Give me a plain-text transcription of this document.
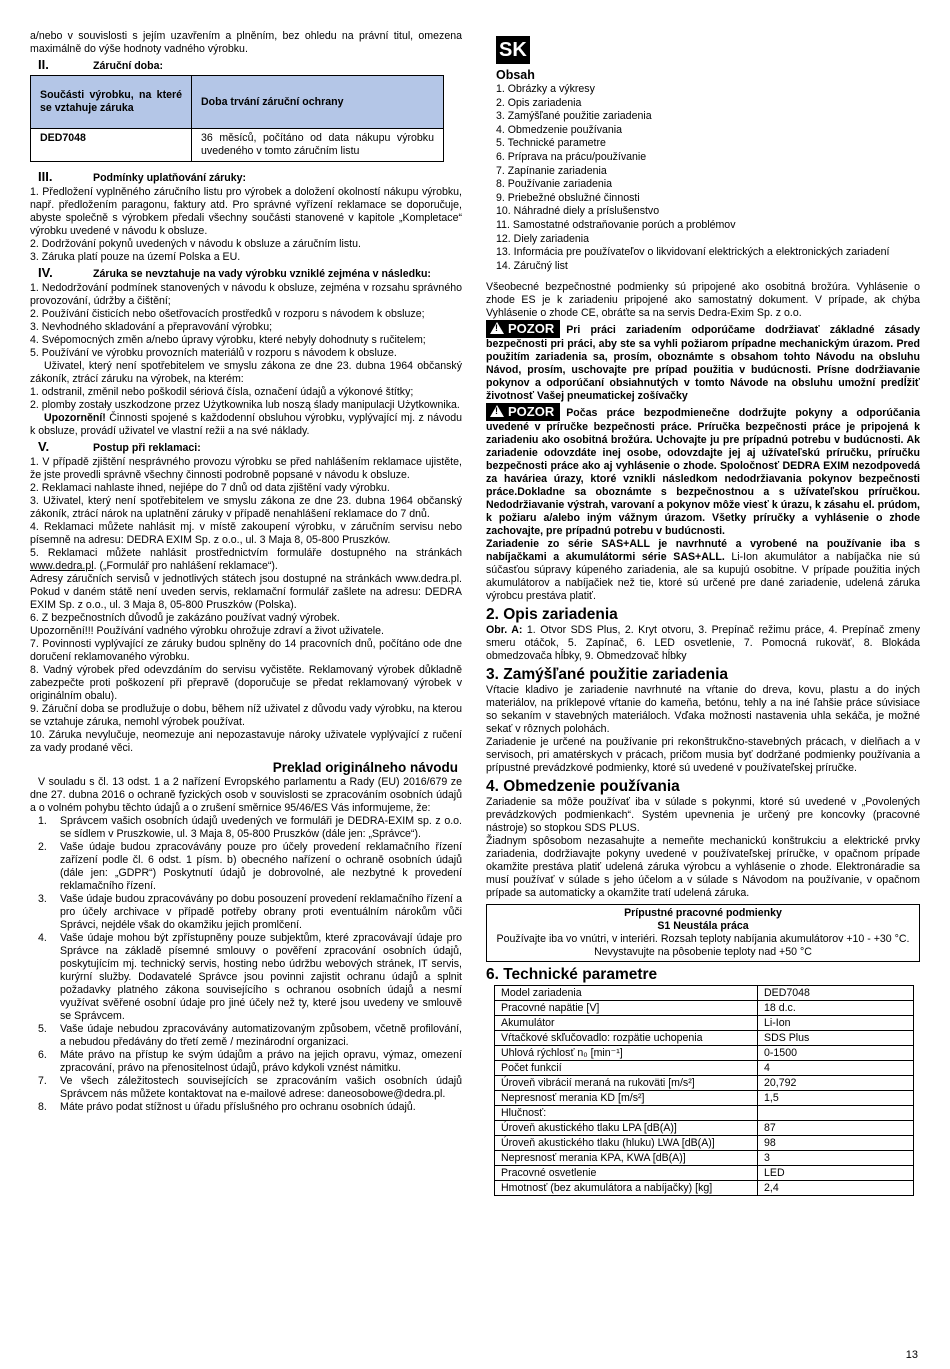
a/nebo v souvislosti s jejím uzavřením a plněním, bez ohledu na právní titul, omezena maximálně do výše hodnoty vadného výrobku.

II.	Záruční doba:
Součásti výrobku, na které se vztahuje záruka	Doba trvání záruční ochrany
DED7048	36 měsíců, počítáno od data nákupu výrobku uvedeného v tomto záručním listu
III.	Podmínky uplatňování záruky:

1. Předložení vyplněného záručního listu pro výrobek a doložení okolností nákupu výrobku, např. předložením paragonu, faktury atd. Pro správné vyřízení reklamace se doporučuje, abyste společně s výrobkem předali všechny součásti stanovené v kapitole „Kompletace“ výrobku uvedené v návodu k obsluze.

2. Dodržování pokynů uvedených v návodu k obsluze a záručním listu.

3. Záruka platí pouze na území Polska a EU.

IV.	Záruka se nevztahuje na vady výrobku vzniklé zejména v následku:

1. Nedodržování podmínek stanovených v návodu k obsluze, zejména v rozsahu správného provozování, údržby a čištění;

2. Používání čisticích nebo ošetřovacích prostředků v rozporu s návodem k obsluze;

3. Nevhodného skladování a přepravování výrobku;

4. Svépomocných změn a/nebo úpravy výrobku, které nebyly dohodnuty s ručitelem;

5. Používání ve výrobku provozních materiálů v rozporu s návodem k obsluze.

Uživatel, který není spotřebitelem ve smyslu zákona ze dne 23. dubna 1964 občanský zákoník, ztrácí záruku na výrobek, na kterém:

1. odstranil, změnil nebo poškodil sériová čísla, označení údajů a výkonové štítky;

2. plomby zostały uszkodzone przez Użytkownika lub noszą ślady manipulacji Użytkownika.

Upozornění! Činnosti spojené s každodenní obsluhou výrobku, vyplývající mj. z návodu k obsluze, provádí uživatel ve vlastní režii a na své náklady.

V.	Postup při reklamaci:

1. V případě zjištění nesprávného provozu výrobku se před nahlášením reklamace ujistěte, že jste provedli správně všechny činnosti podrobně popsané v návodu k obsluze.

2. Reklamaci nahlaste ihned, nejiépe do 7 dnů od data zjištění vady výrobku.

3. Uživatel, který není spotřebitelem ve smyslu zákona ze dne 23. dubna 1964 občanský zákoník, ztrácí nárok na uplatnění záruky v případě nenahlášení reklamace do 7 dnů.

4. Reklamaci můžete nahlásit mj. v místě zakoupení výrobku, v záručním servisu nebo písemně na adresu: DEDRA EXIM Sp. z o.o., ul. 3 Maja 8, 05-800 Pruszków.

5. Reklamaci můžete nahlásit prostřednictvím formuláře dostupného na stránkách www.dedra.pl. („Formulář pro nahlášení reklamace“).

Adresy záručních servisů v jednotlivých státech jsou dostupné na stránkách www.dedra.pl. Pokud v daném státě není uveden servis, reklamační formulář zašlete na adresu: DEDRA EXIM Sp. z o.o., ul. 3 Maja 8, 05-800 Pruszków (Polska).

6. Z bezpečnostních důvodů je zakázáno používat vadný výrobek.

Upozornění!!! Používání vadného výrobku ohrožuje zdraví a život uživatele.

7. Povinnosti vyplývající ze záruky budou splněny do 14 pracovních dnů, počítáno ode dne doručení reklamovaného výrobku.

8. Vadný výrobek před odevzdáním do servisu vyčistěte. Reklamovaný výrobek důkladně zabezpečte proti poškození při přepravě (doporučuje se předat reklamovaný výrobek v originálním obalu).

9. Záruční doba se prodlužuje o dobu, během níž uživatel z důvodu vady výrobku, na kterou se vztahuje záruka, nemohl výrobek používat.

10. Záruka nevylučuje, neomezuje ani nepozastavuje nároky uživatele vyplývající z ručení za vady prodané věci.

Preklad originálneho návodu

V souladu s čl. 13 odst. 1 a 2 nařízení Evropského parlamentu a Rady (EU) 2016/679 ze dne 27. dubna 2016 o ochraně fyzických osob v souvislosti se zpracováním osobních údajů a o volném pohybu těchto údajů a o zrušení směrnice 95/46/ES Vás informujeme, že:

1.	Správcem vašich osobních údajů uvedených ve formuláři je DEDRA-EXIM sp. z o.o. se sídlem v Pruszkowie, ul. 3 Maja 8, 05-800 Pruszków (dále jen: „Správce“).
2.	Vaše údaje budou zpracovávány pouze pro účely provedení reklamačního řízení zařízení podle čl. 6 odst. 1 písm. b) obecného nařízení o ochraně osobních údajů (dále jen: „GDPR“) Poskytnutí údajů je dobrovolné, ale nezbytné k provedení reklamačního řízení.
3.	Vaše údaje budou zpracovávány po dobu posouzení provedení reklamačního řízení a pro účely archivace v případě potřeby obrany proti eventuálním nárokům vůči Správci, nejdéle však do okamžiku jejich promlčení.
4.	Vaše údaje mohou být zpřístupněny pouze subjektům, které zpracovávají údaje pro Správce na základě písemné smlouvy o pověření zpracování osobních údajů, poskytujícím mj. technický servis, hosting nebo údržbu webových stránek, IT servis, kurýrní služby. Dodavatelé Správce jsou povinni zajistit ochranu údajů a splnit požadavky platného zákona souvisejícího s ochranou osobních údajů a nesmí využívat svěřené osobní údaje pro jiné účely než ty, které jsou uvedeny ve smlouvě se Správcem.
5.	Vaše údaje nebudou zpracovávány automatizovaným způsobem, včetně profilování, a nebudou předávány do třetí země / mezinárodní organizaci.
6.	Máte právo na přístup ke svým údajům a právo na jejich opravu, výmaz, omezení zpracování, právo na přenositelnost údajů, právo kdykoli vznést námitku.
7.	Ve všech záležitostech souvisejících se zpracováním vašich osobních údajů Správcem nás můžete kontaktovat na e-mailové adrese: daneosobowe@dedra.pl.
8.	Máte právo podat stížnost u úřadu příslušného pro ochranu osobních údajů.
SK
Obsah
1. Obrázky a výkresy
2. Opis zariadenia
3. Zamýšľané použitie zariadenia
4. Obmedzenie používania
5. Technické parametre
6. Príprava na prácu/používanie
7. Zapínanie zariadenia
8. Používanie zariadenia
9. Priebežné obslužné činnosti
10. Náhradné diely a príslušenstvo
11. Samostatné odstraňovanie porúch a problémov
12. Diely zariadenia
13. Informácia pre používateľov o likvidovaní elektrických a elektronických zariadení
14. Záručný list

Všeobecné bezpečnostné podmienky sú pripojené ako osobitná brožúra. Vyhlásenie o zhode ES je k zariadeniu pripojené ako samostatný dokument. V prípade, ak chýba Vyhlásenie o zhode CE, obráťte sa na servis Dedra-Exim Sp. z o.o.

! POZOR Pri práci zariadením odporúčame dodržiavať základné zásady bezpečnosti pri práci, aby ste sa vyhli požiarom prípadne mechanickým úrazom. Pred použitím zariadenia sa, prosím, oboznámte s obsahom tohto Návodu na obsluhu Návod, prosím, uschovajte pre prípad použitia v budúcnosti. Prísne dodržiavanie pokynov a odporúčaní obsiahnutých v tomto Návode na obsluhu umožní predĺžiť životnosť Vašej pneumatickej zošívačky

! POZOR Počas práce bezpodmienečne dodržujte pokyny a odporúčania uvedené v príručke bezpečnosti práce. Príručka bezpečnosti práce je pripojená k zariadeniu ako osobitná brožúra. Uchovajte ju pre prípadnú potrebu v budúcnosti. Ak zariadenie odovzdáte inej osobe, odovzdajte jej aj užívateľskú príručku, príručku bezpečnosti práce ako aj vyhlásenie o zhode. Spoločnosť DEDRA EXIM nezodpovedá za haváriea úrazy, ktoré vznikli následkom nedodržiavania pokynov bezpečnosti práce.Dokladne sa oboznámte s bezpečnostnou a s užívateľskou príručkou. Nedodržiavanie výstrah, varovaní a pokynov môže viesť k úrazu, k zásahu el. prúdom, k požiaru a/alebo iným vážnym úrazom. Všetky príručky a vyhlásenie o zhode zachovajte, pre prípadnú potrebu v budúcnosti.

Zariadenie zo série SAS+ALL je navrhnuté a vyrobené na používanie iba s nabíjačkami a akumulátormi série SAS+ALL. Li-Ion akumulátor a nabíjačka nie sú súčasťou súpravy kúpeného zariadenia, ale sa kupujú osobitne. V prípade použitia iných akumulátorov a nabíjačiek než tie, ktoré sú určené pre dané zariadenie, udelená záruka výrobcu prestáva platiť.

2. Opis zariadenia

Obr. A: 1. Otvor SDS Plus, 2. Kryt otvoru, 3. Prepínač režimu práce, 4. Prepínač zmeny smeru otáčok, 5. Zapínač, 6. LED osvetlenie, 7. Pomocná rukoväť, 8. Blokáda obmedzovača hĺbky, 9. Obmedzovač hĺbky

3. Zamýšľané použitie zariadenia

Vŕtacie kladivo je zariadenie navrhnuté na vŕtanie do dreva, kovu, plastu a do iných materiálov, na príklepové vŕtanie do kameňa, betónu, tehly a na iné ľahšie práce súvisiace so sekaním v stavebných materiáloch. Vďaka možnosti nastavenia uhla sekáča, je možné sekať v rôznych polohách.

Zariadenie je určené na používanie pri rekonštrukčno-stavebných prácach, v dielňach a v servisoch, pri amatérskych v prácach, pričom musia byť dodržané podmienky používania a prípustné prevádzkové podmienky, ktoré sú uvedené v používateľskej príručke.

4. Obmedzenie používania

Zariadenie sa môže používať iba v súlade s pokynmi, ktoré sú uvedené v „Povolených prevádzkových podmienkach“. Systém upevnenia je určený pre koncovky (pracovné nástroje) so stopkou SDS PLUS.

Žiadnym spôsobom nezasahujte a nemeňte mechanickú konštrukciu a elektrické prvky zariadenia, dodržiavajte pokyny uvedené v používateľskej príručke, v opačnom prípade okamžite prestáva platiť udelená záruka výrobcu a vyhlásenie o zhode. Elektronáradie sa musí používať v súlade s jeho účelom a v súlade s Návodom na používanie, v opačnom prípade sa automaticky a okamžite tratí udelená záruka.

Prípustné pracovné podmienky
S1 Neustála práca
Používajte iba vo vnútri, v interiéri. Rozsah teploty nabíjania akumulátorov +10 - +30 °C. Nevystavujte na pôsobenie teploty nad +50 °C
6. Technické parametre
Model zariadenia	DED7048
Pracovné napätie [V]	18 d.c.
Akumulátor	Li-Ion
Vŕtačkové skľučovadlo: rozpätie uchopenia	SDS Plus
Uhlová rýchlosť n₀ [min⁻¹]	0-1500
Počet funkcií	4
Úroveň vibrácií meraná na rukoväti [m/s²]	20,792
Nepresnosť merania KD [m/s²]	1,5
Hlučnosť:	
Úroveň akustického tlaku LPA [dB(A)]	87
Úroveň akustického tlaku (hluku) LWA [dB(A)]	98
Nepresnosť merania KPA, KWA [dB(A)]	3
Pracovné osvetlenie	LED
Hmotnosť (bez akumulátora a nabíjačky) [kg]	2,4
13
